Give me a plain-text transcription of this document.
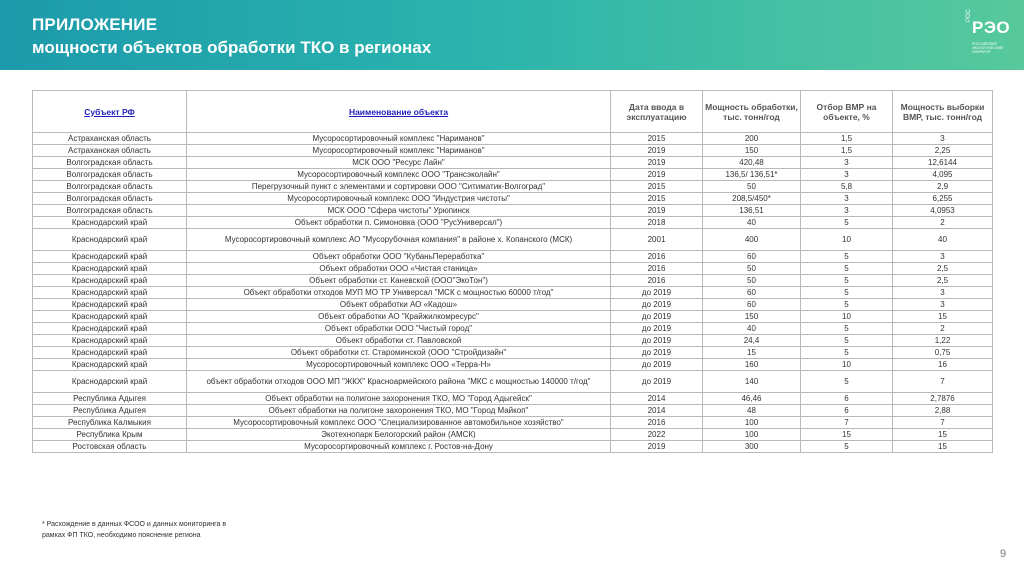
ПРИЛОЖЕНИЕ
мощности объектов обработки ТКО в регионах
РОС
РЭО
РОССИЙСКИЙ ЭКОЛОГИЧЕСКИЙ ОПЕРАТОР
Субъект РФ	Наименование объекта	Дата ввода в эксплуатацию	Мощность обработки, тыс. тонн/год	Отбор ВМР на объекте, %	Мощность выборки ВМР, тыс. тонн/год
Астраханская область	Мусоросортировочный комплекс "Нариманов"	2015	200	1,5	3
Астраханская область	Мусоросортировочный комплекс "Нариманов"	2019	150	1,5	2,25
Волгоградская область	МСК ООО "Ресурс Лайн"	2019	420,48	3	12,6144
Волгоградская область	Мусоросортировочный комплекс ООО "Трансэколайн"	2019	136,5/ 136,51*	3	4,095
Волгоградская область	Перегрузочный пункт с элементами и сортировки ООО "Ситиматик-Волгоград"	2015	50	5,8	2,9
Волгоградская область	Мусоросортировочный комплекс ООО "Индустрия чистоты"	2015	208,5/450*	3	6,255
Волгоградская область	МСК ООО "Сфера чистоты" Урюпинск	2019	136,51	3	4,0953
Краснодарский край	Объект обработки п. Симоновка (ООО "РусУниверсал")	2018	40	5	2
Краснодарский край	Мусоросортировочный комплекс АО "Мусорубочная компания" в районе х. Копанского (МСК)	2001	400	10	40
Краснодарский край	Объект обработки ООО "КубаньПереработка"	2016	60	5	3
Краснодарский край	Объект обработки ООО «Чистая станица»	2016	50	5	2,5
Краснодарский край	Объект обработки ст. Каневской (ООО"ЭкоТон")	2016	50	5	2,5
Краснодарский край	Объект обработки отходов МУП МО ТР Универсал "МСК с мощностью 60000 т/год"	до 2019	60	5	3
Краснодарский край	Объект обработки АО «Кадош»	до 2019	60	5	3
Краснодарский край	Объект обработки АО "Крайжилкомресурс"	до 2019	150	10	15
Краснодарский край	Объект обработки ООО "Чистый город"	до 2019	40	5	2
Краснодарский край	Объект обработки ст. Павловской	до 2019	24,4	5	1,22
Краснодарский край	Объект обработки ст. Староминской (ООО "Стройдизайн"	до 2019	15	5	0,75
Краснодарский край	Мусоросортировочный комплекс ООО «Терра-Н»	до 2019	160	10	16
Краснодарский край	объект обработки отходов ООО МП "ЖКХ" Красноармейского района "МКС с мощностью 140000 т/год"	до 2019	140	5	7
Республика Адыгея	Объект обработки на полигоне захоронения ТКО, МО "Город Адыгейск"	2014	46,46	6	2,7876
Республика Адыгея	Объект обработки на полигоне захоронения ТКО, МО "Город Майкоп"	2014	48	6	2,88
Республика Калмыкия	Мусоросортировочный комплекс ООО "Специализированное автомобильное хозяйство"	2016	100	7	7
Республика Крым	Экотехнопарк Белогорский район (АМСК)	2022	100	15	15
Ростовская область	Мусоросортировочный комплекс г. Ростов-на-Дону	2019	300	5	15
* Расхождение в данных ФСОО и данных мониторинга в рамках ФП ТКО, необходимо пояснение региона
9
